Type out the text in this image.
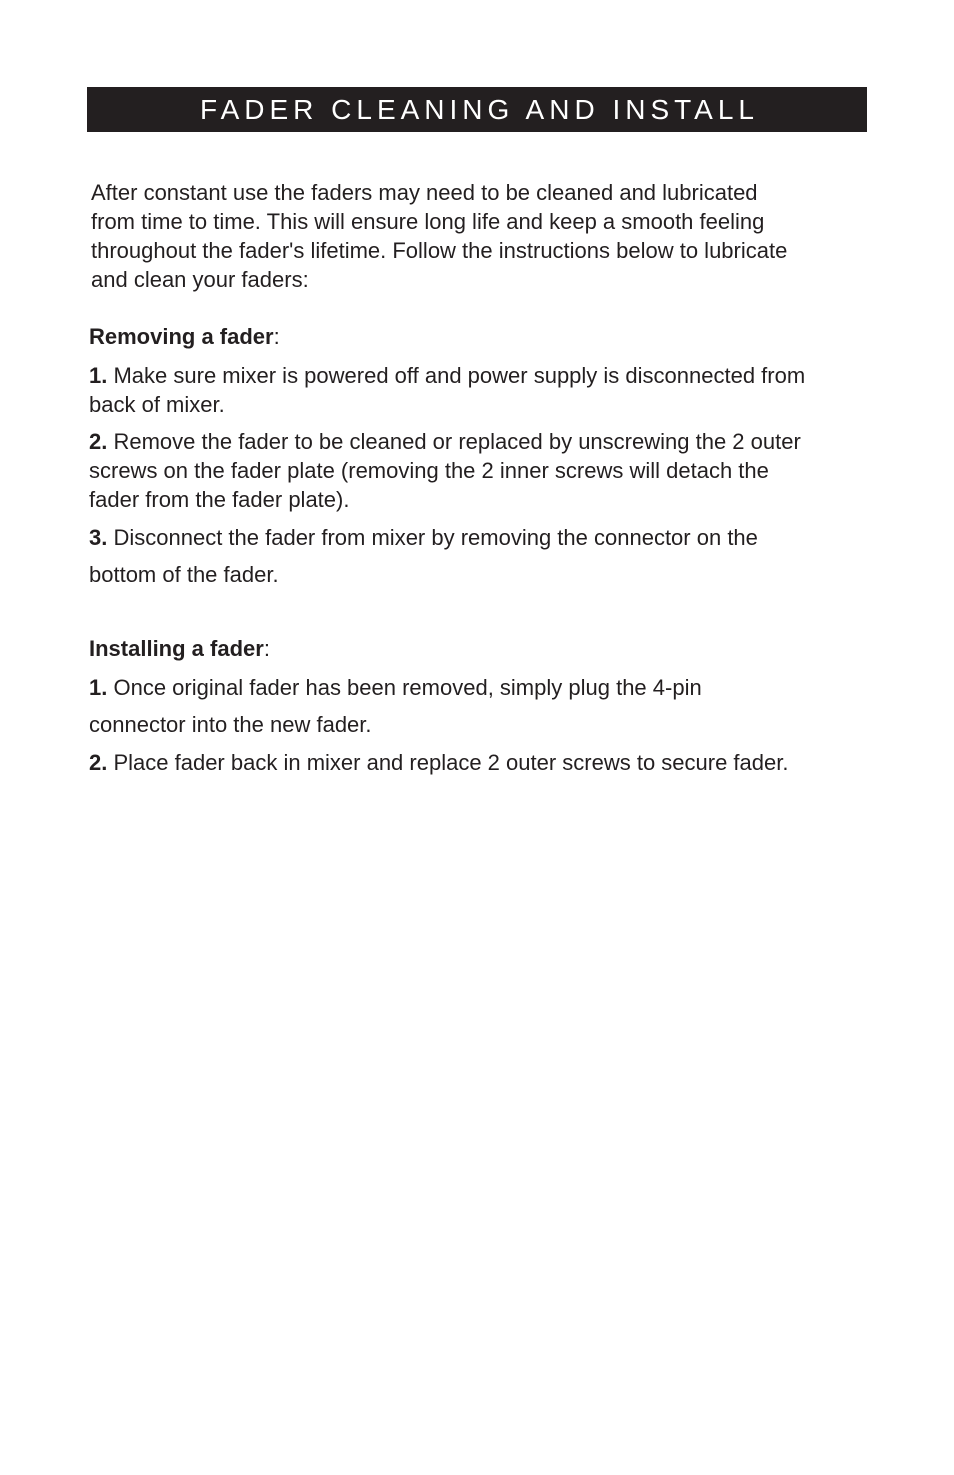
FADER CLEANING AND INSTALL

After constant use the faders may need to be cleaned and lubricated
from time to time. This will ensure long life and keep a smooth feeling
throughout the fader's lifetime. Follow the instructions below to lubricate
and clean your faders:

Removing a fader:

1. Make sure mixer is powered off and power supply is disconnected from
back of mixer.

2. Remove the fader to be cleaned or replaced by unscrewing the 2 outer
screws on the fader plate (removing the 2 inner screws will detach the
fader from the fader plate).

3. Disconnect the fader from mixer by removing the connector on the
bottom of the fader.

Installing a fader:

1. Once original fader has been removed, simply plug the 4-pin
connector into the new fader.

2. Place fader back in mixer and replace 2 outer screws to secure fader.
